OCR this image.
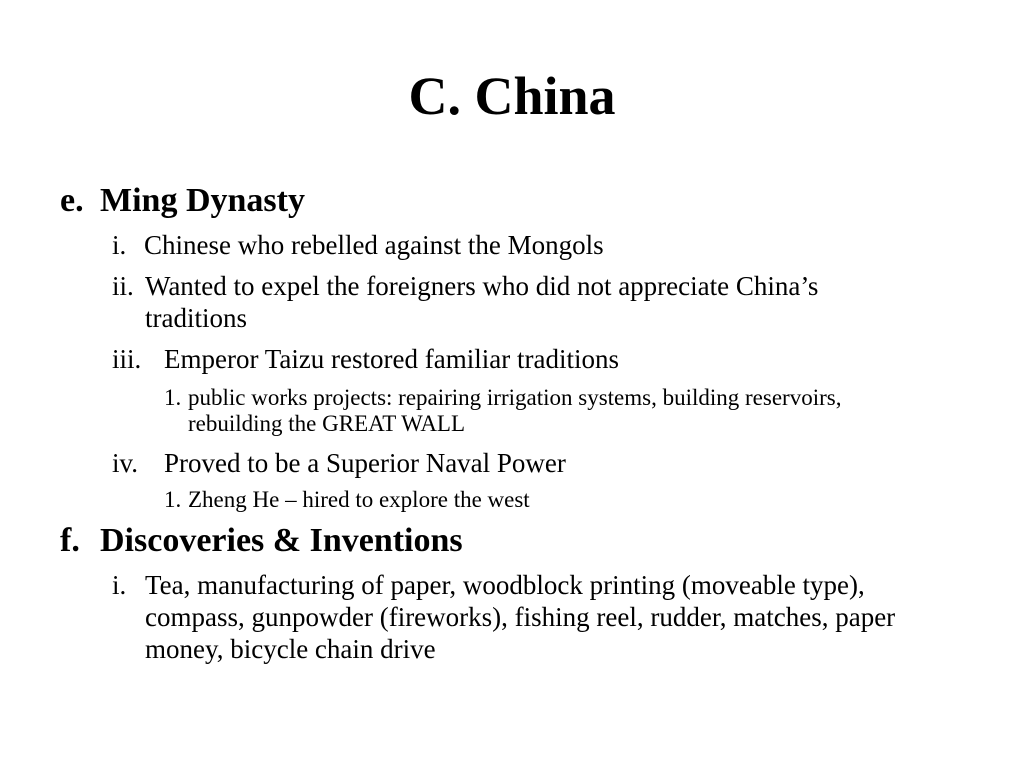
C. China
e. Ming Dynasty
i. Chinese who rebelled against the Mongols
ii. Wanted to expel the foreigners who did not appreciate China’s traditions
iii. Emperor Taizu restored familiar traditions
1. public works projects: repairing irrigation systems, building reservoirs, rebuilding the GREAT WALL
iv. Proved to be a Superior Naval Power
1. Zheng He – hired to explore the west
f. Discoveries & Inventions
i. Tea, manufacturing of paper, woodblock printing (moveable type), compass, gunpowder (fireworks), fishing reel, rudder, matches, paper money, bicycle chain drive
